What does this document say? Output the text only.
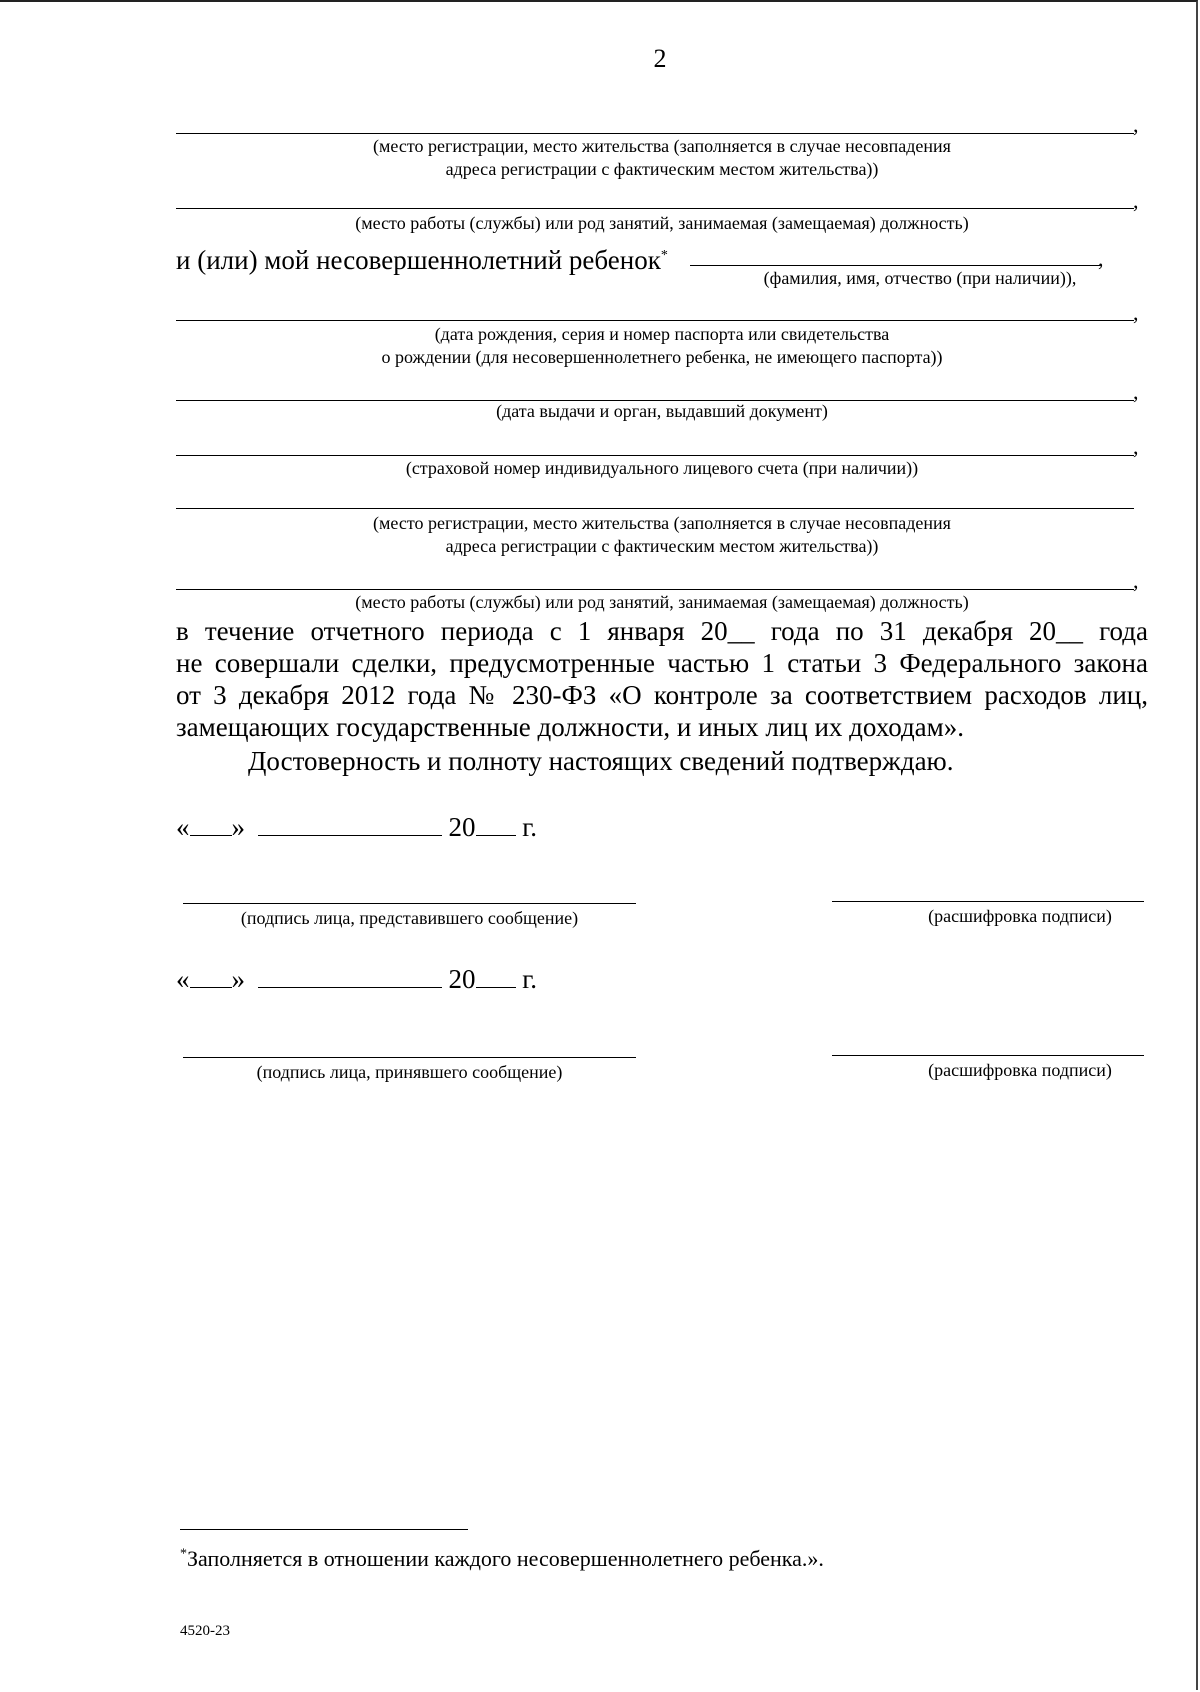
2
,
(место регистрации, место жительства (заполняется в случае несовпадения
адреса регистрации с фактическим местом жительства))
,
(место работы (службы) или род занятий, занимаемая (замещаемая) должность)
и (или) мой несовершеннолетний ребенок*	,
(фамилия, имя, отчество (при наличии)),
,
(дата рождения, серия и номер паспорта или свидетельства
о рождении (для несовершеннолетнего ребенка, не имеющего паспорта))
,
(дата выдачи и орган, выдавший документ)
,
(страховой номер индивидуального лицевого счета (при наличии))
(место регистрации, место жительства (заполняется в случае несовпадения
адреса регистрации с фактическим местом жительства))
,
(место работы (службы) или род занятий, занимаемая (замещаемая) должность)
в течение отчетного периода с 1 января 20__ года по 31 декабря 20__ года
не совершали сделки, предусмотренные частью 1 статьи 3 Федерального закона
от 3 декабря 2012 года № 230-ФЗ «О контроле за соответствием расходов лиц,
замещающих государственные должности, и иных лиц их доходам».
Достоверность и полноту настоящих сведений подтверждаю.
« »	20 г.
(подпись лица, представившего сообщение)	(расшифровка подписи)
« »	20 г.
(подпись лица, принявшего сообщение)	(расшифровка подписи)
*Заполняется в отношении каждого несовершеннолетнего ребенка.».
4520-23
